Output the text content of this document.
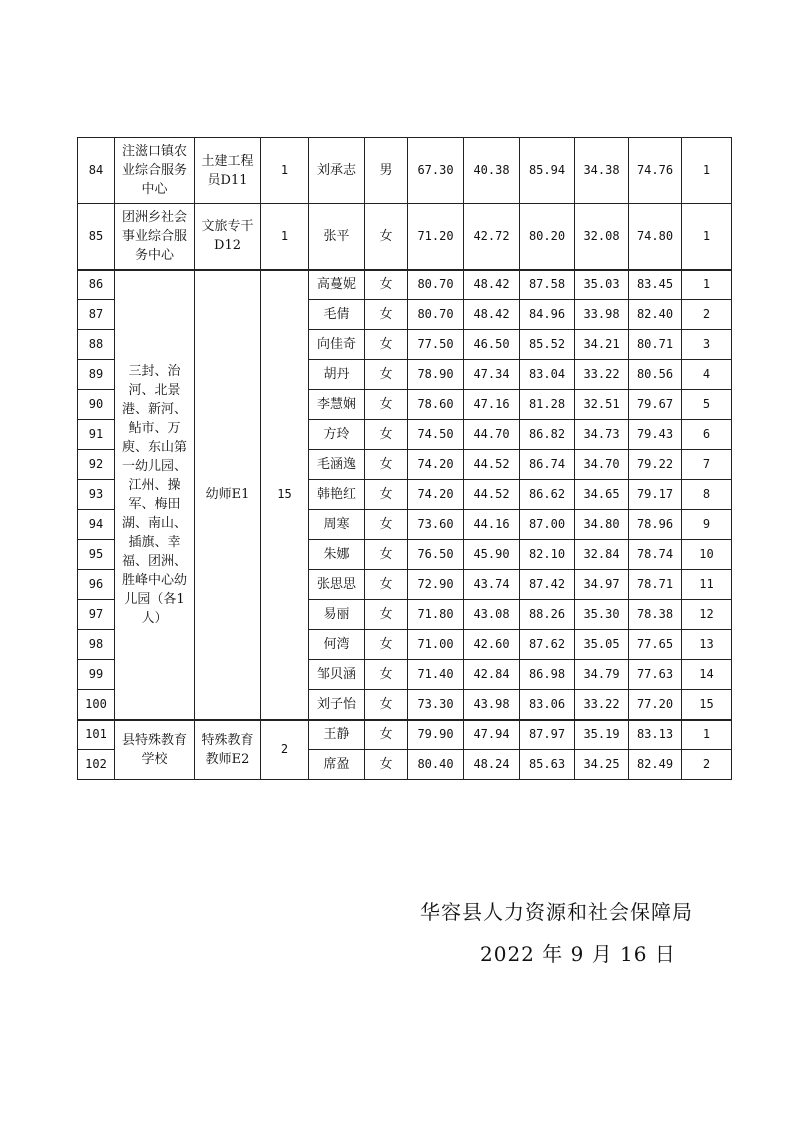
84	注滋口镇农业综合服务中心	土建工程员D11	1	刘承志	男	67.30	40.38	85.94	34.38	74.76	1
85	团洲乡社会事业综合服务中心	文旅专干D12	1	张平	女	71.20	42.72	80.20	32.08	74.80	1
86	三封、治河、北景港、新河、鲇市、万庾、东山第一幼儿园、江州、操军、梅田湖、南山、插旗、幸福、团洲、胜峰中心幼儿园（各1人）	幼师E1	15	高蔓妮	女	80.70	48.42	87.58	35.03	83.45	1
87				毛倩	女	80.70	48.42	84.96	33.98	82.40	2
88				向佳奇	女	77.50	46.50	85.52	34.21	80.71	3
89				胡丹	女	78.90	47.34	83.04	33.22	80.56	4
90				李慧娴	女	78.60	47.16	81.28	32.51	79.67	5
91				方玲	女	74.50	44.70	86.82	34.73	79.43	6
92				毛涵逸	女	74.20	44.52	86.74	34.70	79.22	7
93				韩艳红	女	74.20	44.52	86.62	34.65	79.17	8
94				周寒	女	73.60	44.16	87.00	34.80	78.96	9
95				朱娜	女	76.50	45.90	82.10	32.84	78.74	10
96				张思思	女	72.90	43.74	87.42	34.97	78.71	11
97				易丽	女	71.80	43.08	88.26	35.30	78.38	12
98				何湾	女	71.00	42.60	87.62	35.05	77.65	13
99				邹贝涵	女	71.40	42.84	86.98	34.79	77.63	14
100				刘子怡	女	73.30	43.98	83.06	33.22	77.20	15
101	县特殊教育学校	特殊教育教师E2	2	王静	女	79.90	47.94	87.97	35.19	83.13	1
102				席盈	女	80.40	48.24	85.63	34.25	82.49	2
华容县人力资源和社会保障局
2022 年 9 月 16 日
